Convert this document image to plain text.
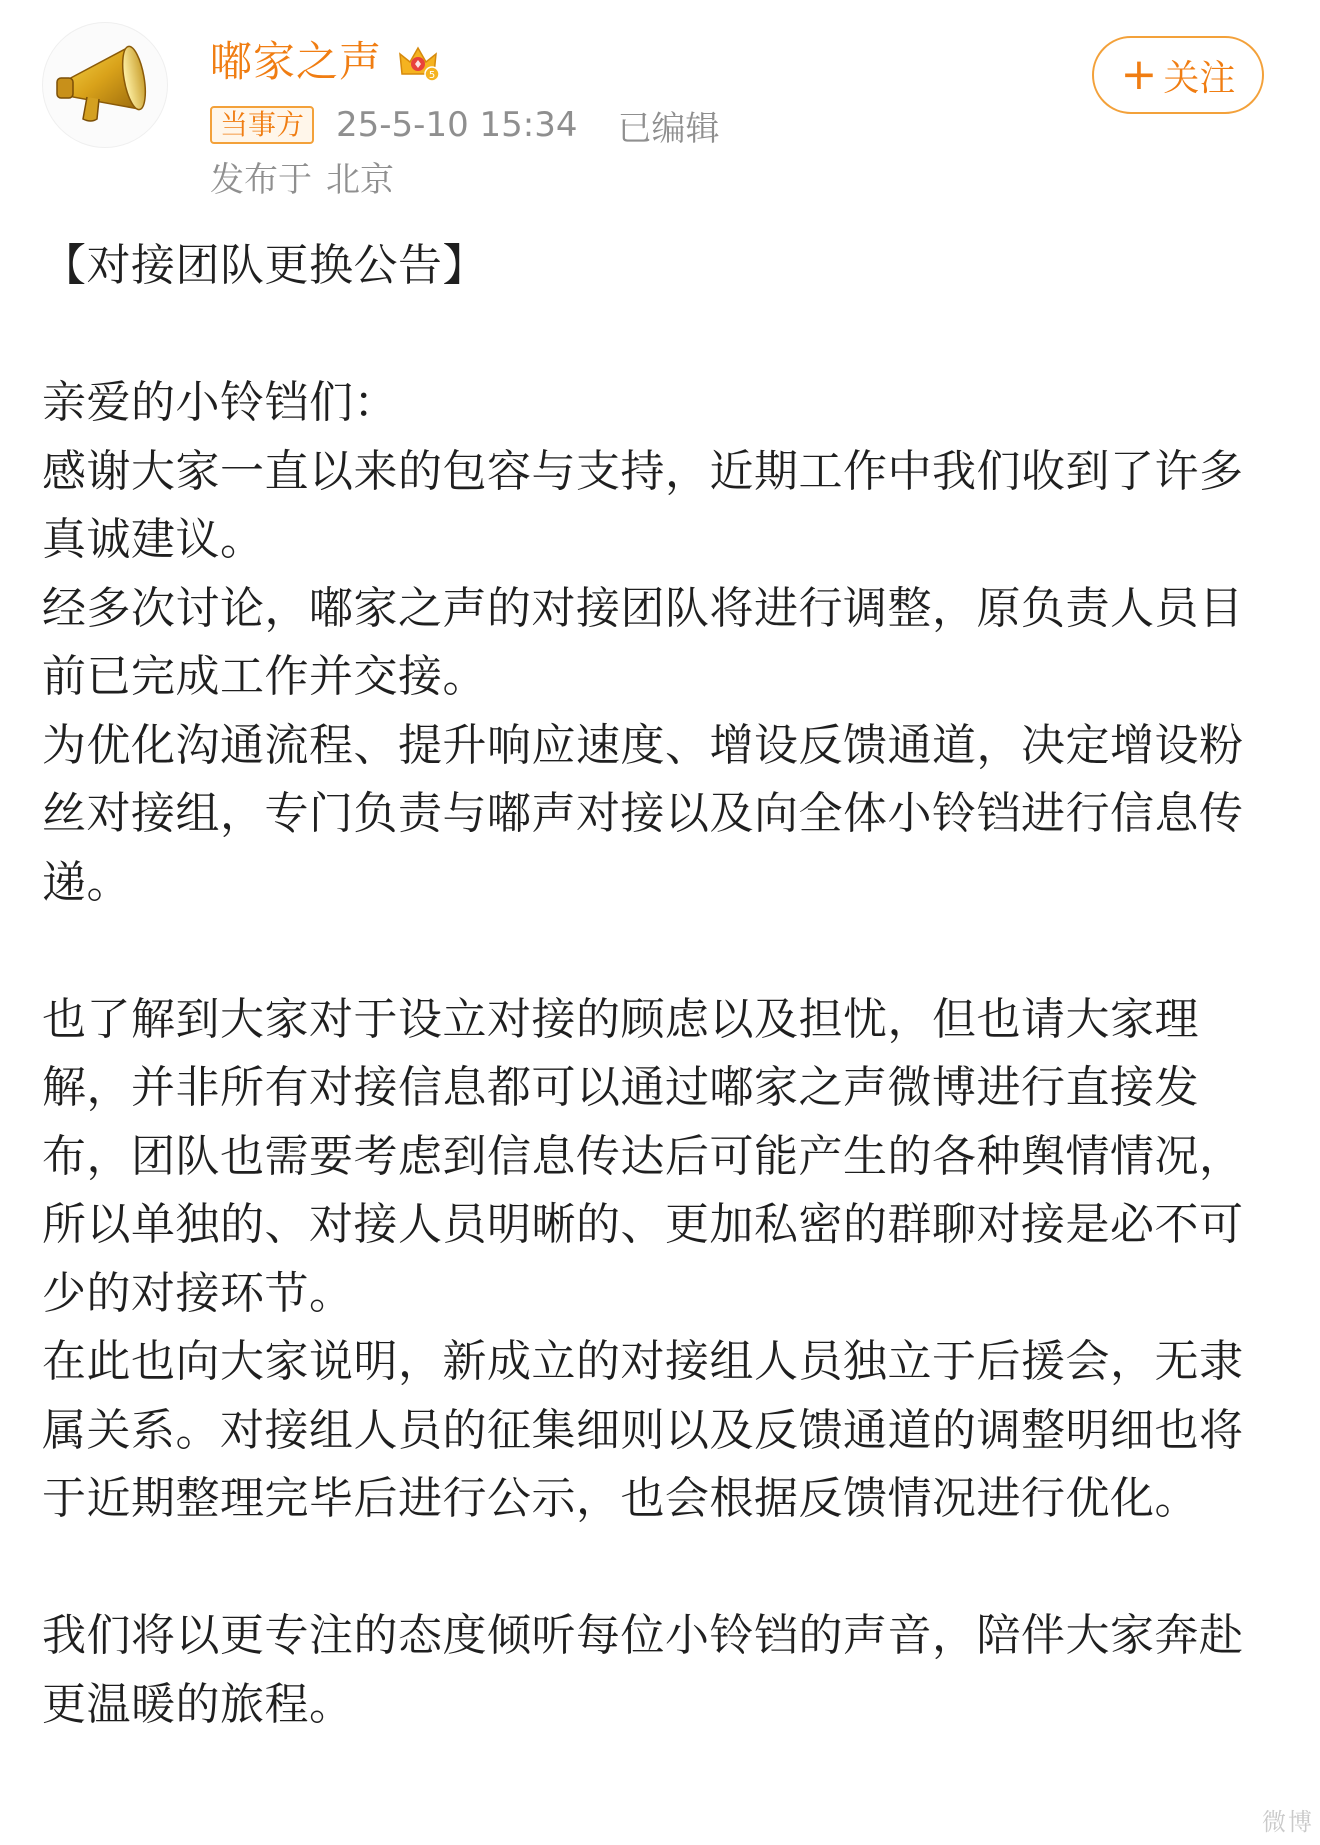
嘟家之声	5
当事方 25-5-10 15:34 已编辑
发布于 北京
+ 关注

【对接团队更换公告】

亲爱的小铃铛们：

感谢大家一直以来的包容与支持，近期工作中我们收到了许多真诚建议。

经多次讨论，嘟家之声的对接团队将进行调整，原负责人员目前已完成工作并交接。

为优化沟通流程、提升响应速度、增设反馈通道，决定增设粉丝对接组，专门负责与嘟声对接以及向全体小铃铛进行信息传递。

也了解到大家对于设立对接的顾虑以及担忧，但也请大家理解，并非所有对接信息都可以通过嘟家之声微博进行直接发布，团队也需要考虑到信息传达后可能产生的各种舆情情况，所以单独的、对接人员明晰的、更加私密的群聊对接是必不可少的对接环节。

在此也向大家说明，新成立的对接组人员独立于后援会，无隶属关系。对接组人员的征集细则以及反馈通道的调整明细也将于近期整理完毕后进行公示，也会根据反馈情况进行优化。

我们将以更专注的态度倾听每位小铃铛的声音，陪伴大家奔赴更温暖的旅程。

微博
